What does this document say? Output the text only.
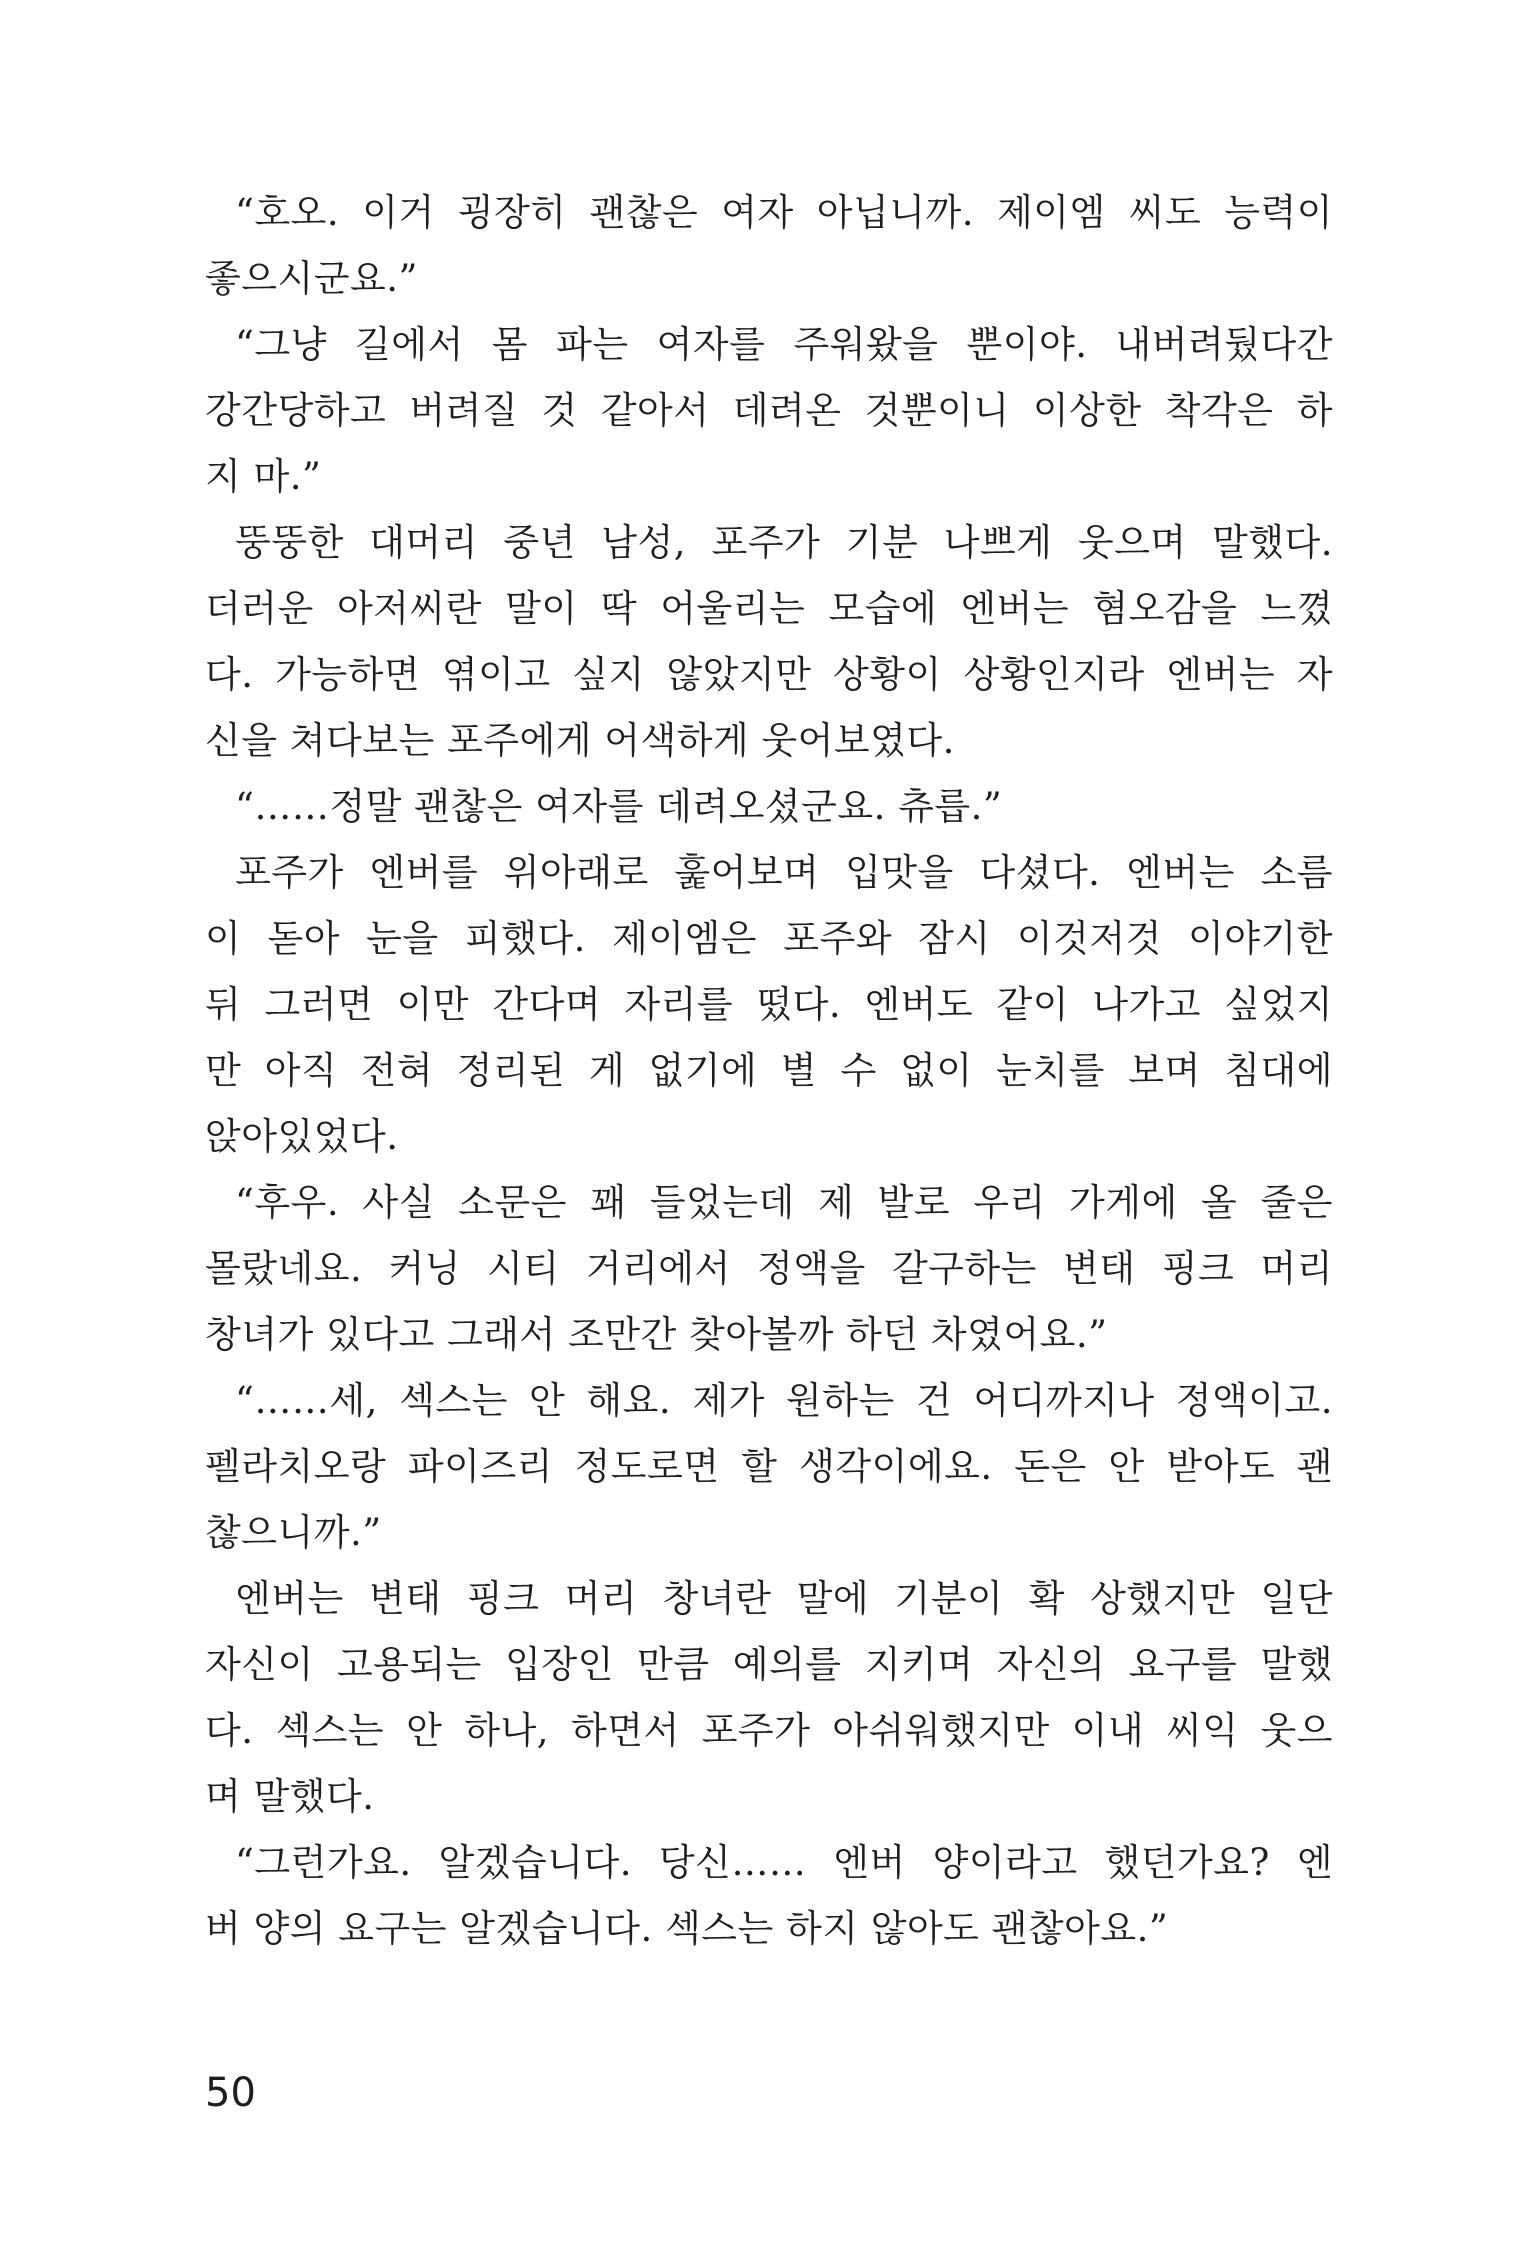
“호오. 이거 굉장히 괜찮은 여자 아닙니까. 제이엠 씨도 능력이
좋으시군요.”
“그냥 길에서 몸 파는 여자를 주워왔을 뿐이야. 내버려뒀다간
강간당하고 버려질 것 같아서 데려온 것뿐이니 이상한 착각은 하
지 마.”
뚱뚱한 대머리 중년 남성, 포주가 기분 나쁘게 웃으며 말했다.
더러운 아저씨란 말이 딱 어울리는 모습에 엔버는 혐오감을 느꼈
다. 가능하면 엮이고 싶지 않았지만 상황이 상황인지라 엔버는 자
신을 쳐다보는 포주에게 어색하게 웃어보였다.
“……정말 괜찮은 여자를 데려오셨군요. 츄릅.”
포주가 엔버를 위아래로 훑어보며 입맛을 다셨다. 엔버는 소름
이 돋아 눈을 피했다. 제이엠은 포주와 잠시 이것저것 이야기한
뒤 그러면 이만 간다며 자리를 떴다. 엔버도 같이 나가고 싶었지
만 아직 전혀 정리된 게 없기에 별 수 없이 눈치를 보며 침대에
앉아있었다.
“후우. 사실 소문은 꽤 들었는데 제 발로 우리 가게에 올 줄은
몰랐네요. 커닝 시티 거리에서 정액을 갈구하는 변태 핑크 머리
창녀가 있다고 그래서 조만간 찾아볼까 하던 차였어요.”
“……세, 섹스는 안 해요. 제가 원하는 건 어디까지나 정액이고.
펠라치오랑 파이즈리 정도로면 할 생각이에요. 돈은 안 받아도 괜
찮으니까.”
엔버는 변태 핑크 머리 창녀란 말에 기분이 확 상했지만 일단
자신이 고용되는 입장인 만큼 예의를 지키며 자신의 요구를 말했
다. 섹스는 안 하나, 하면서 포주가 아쉬워했지만 이내 씨익 웃으
며 말했다.
“그런가요. 알겠습니다. 당신…… 엔버 양이라고 했던가요? 엔
버 양의 요구는 알겠습니다. 섹스는 하지 않아도 괜찮아요.”
50
